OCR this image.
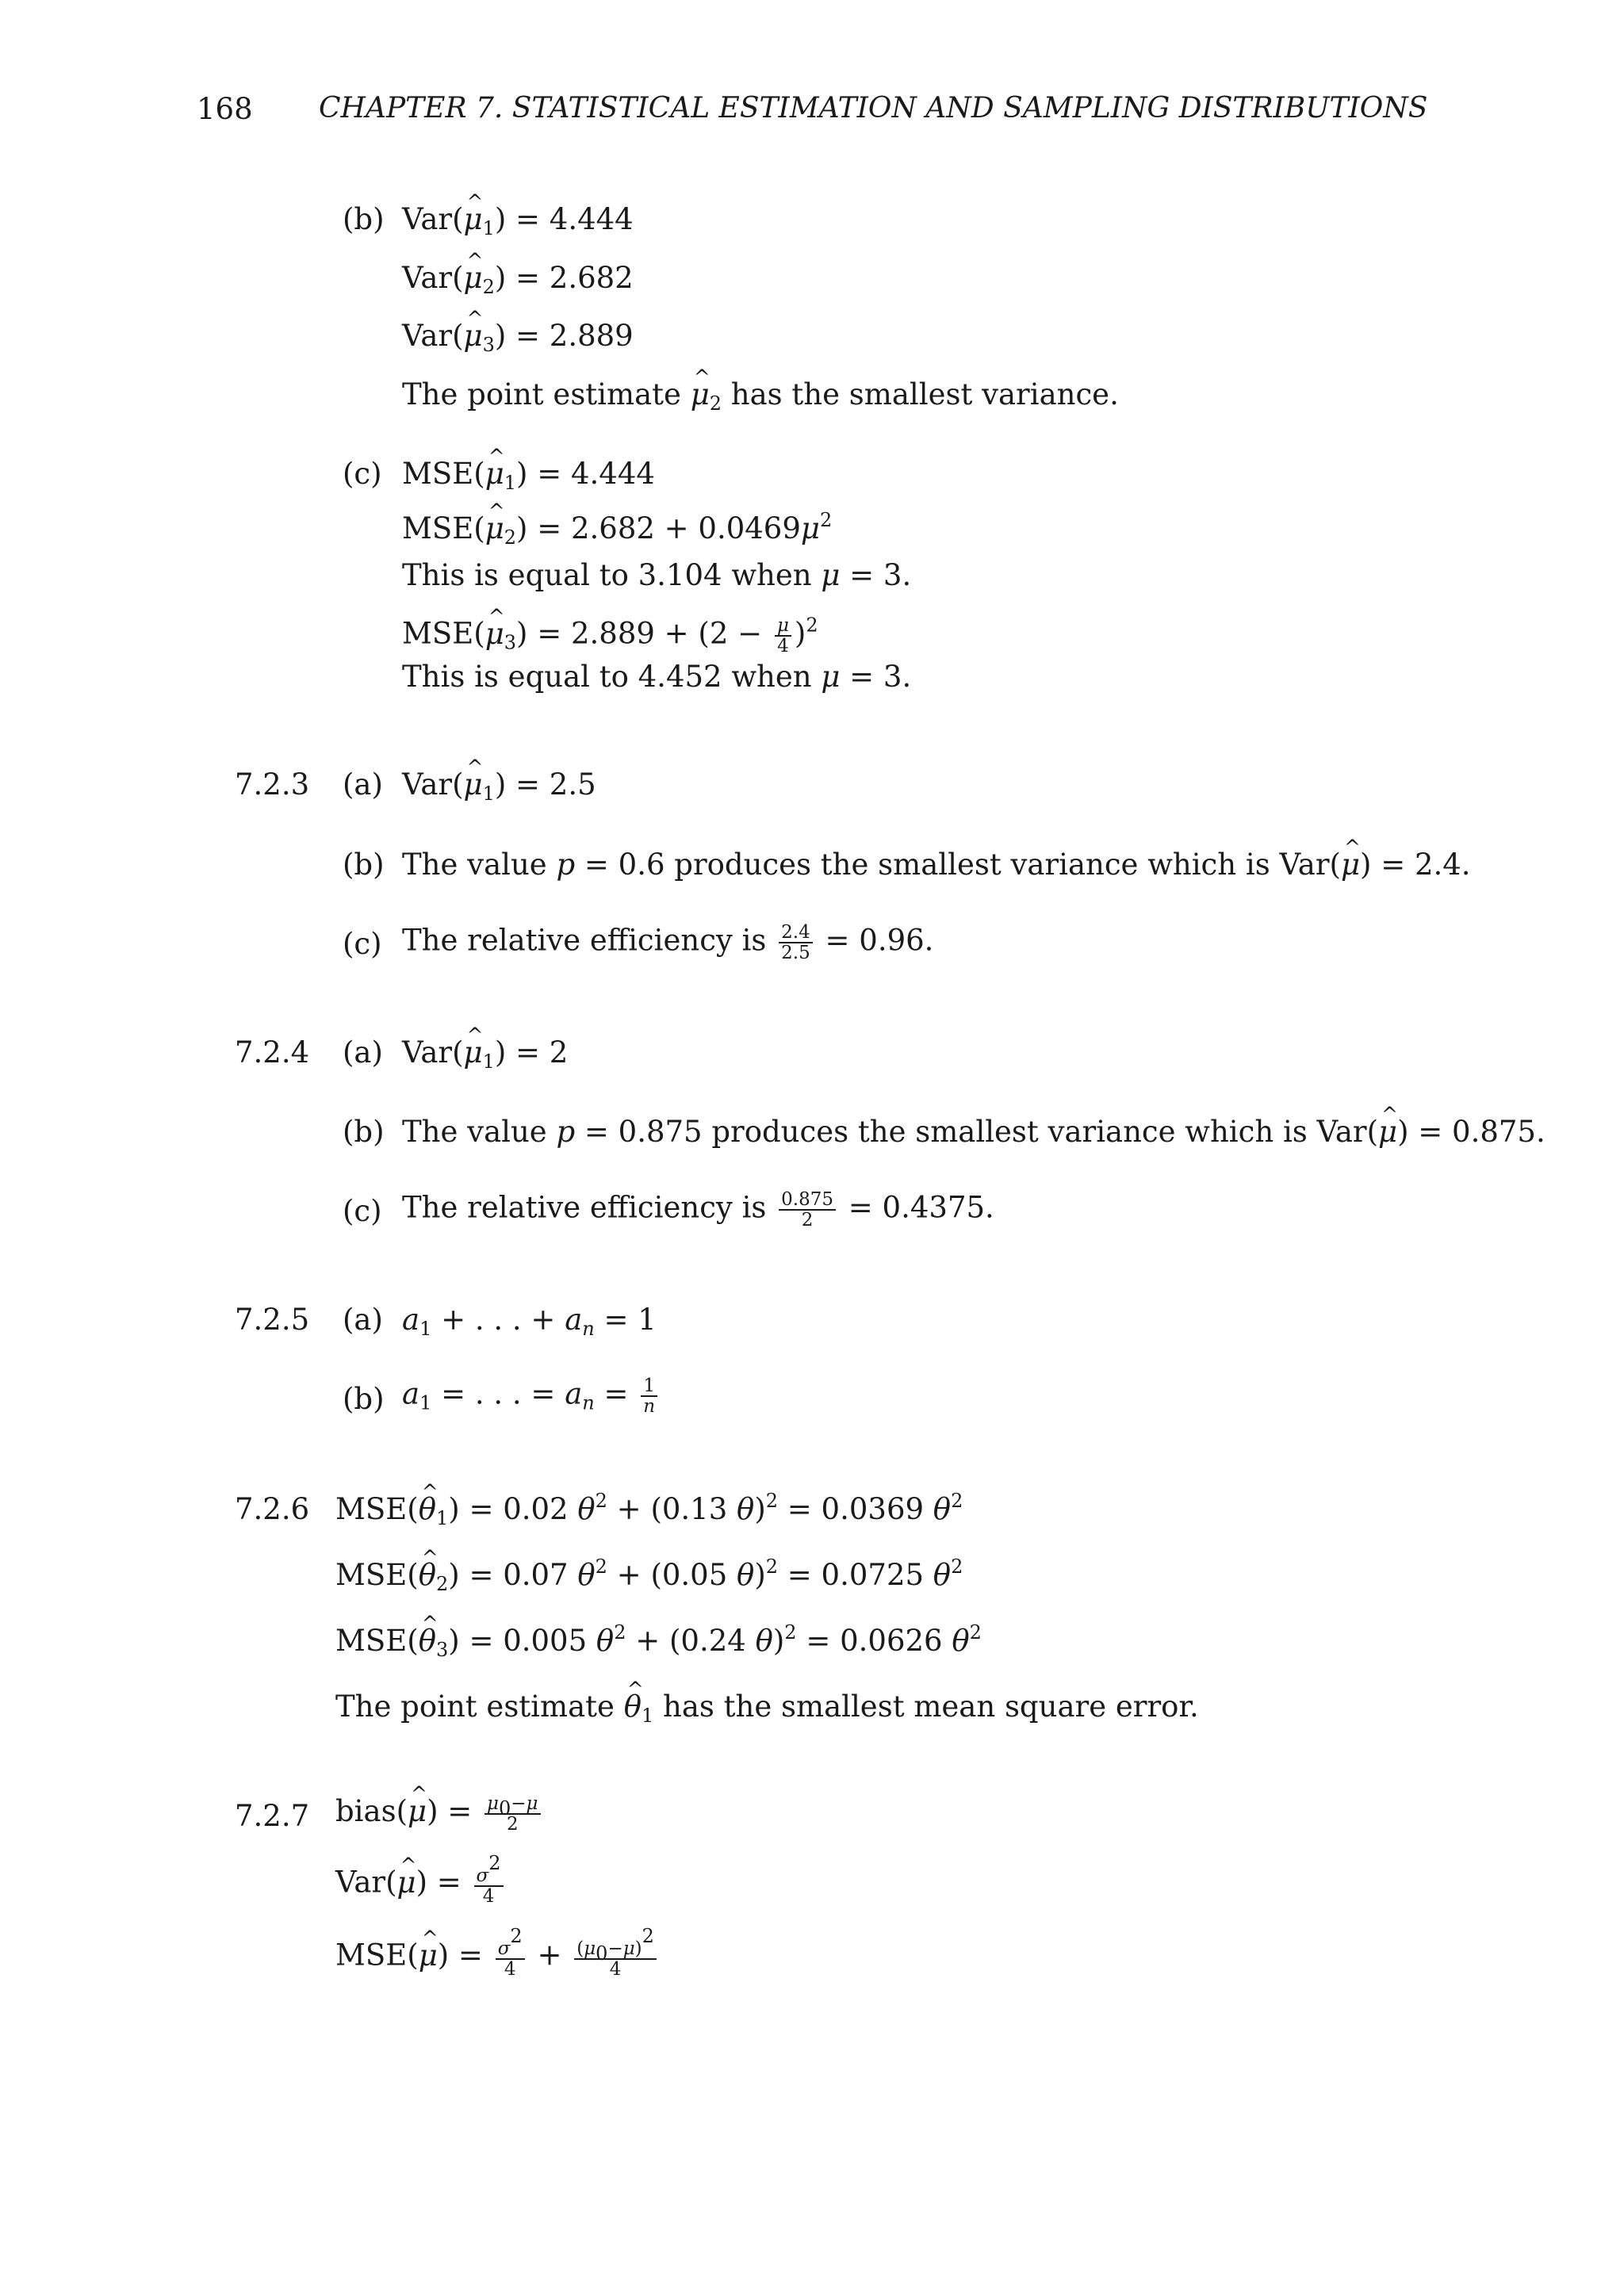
168 CHAPTER 7. STATISTICAL ESTIMATION AND SAMPLING DISTRIBUTIONS
(b) Var(^ $\mu_1) = 4.444$
Var(^ $\mu_2) = 2.682$
Var(^ $\mu_3) = 2.889$
The point estimate ^ $\mu_2$ has the smallest variance.
(c) MSE(^ $\mu_1) = 4.444$
MSE(^ $\mu_2) = 2.682 + 0.0469\mu^2$
This is equal to 3.104 when μ = 3.
MSE(^ $\mu_3) = 2.889 + (2 - \frac{\mu}{4} )^2$
This is equal to 4.452 when μ = 3.
7.2.3 (a) Var(^ $\mu_1) = 2.5$
(b) The value p = 0.6 produces the smallest variance which is Var(^ μ) = 2.4.
(c) The relative efficiency is $\frac{2.4}{2.5} = 0.96$.
7.2.4 (a) Var(^ $\mu_1) = 2$
(b) The value p = 0.875 produces the smallest variance which is Var(^ μ) = 0.875.
(c) The relative efficiency is $\frac{0.875}{2} = 0.4375$.
7.2.5 (a) $a_1$ + . . . + $a_n = 1$
(b) $a_1$ = . . . = $a_n = \frac{1}{n}$
7.2.6 MSE(^ $\theta_1) = 0.02$ $\theta^2 + (0.13$ θ)$^2$ = 0.0369 $\theta^2$
MSE(^ $\theta_2) = 0.07$ $\theta^2 + (0.05$ θ)$^2$ = 0.0725 $\theta^2$
MSE(^ $\theta_3) = 0.005$ $\theta^2 + (0.24$ θ)$^2$ = 0.0626 $\theta^2$
The point estimate ^ $\theta_1$ has the smallest mean square error.
7.2.7 bias(^ $\mu) = \frac{\mu 0-\mu}{2}$
Var(^ $\mu) = \frac{\sigma^2}{4}$
MSE(^ $\mu) = \frac{\sigma^2}{4} + \frac{(\mu 0-\mu)^2}{4}$
